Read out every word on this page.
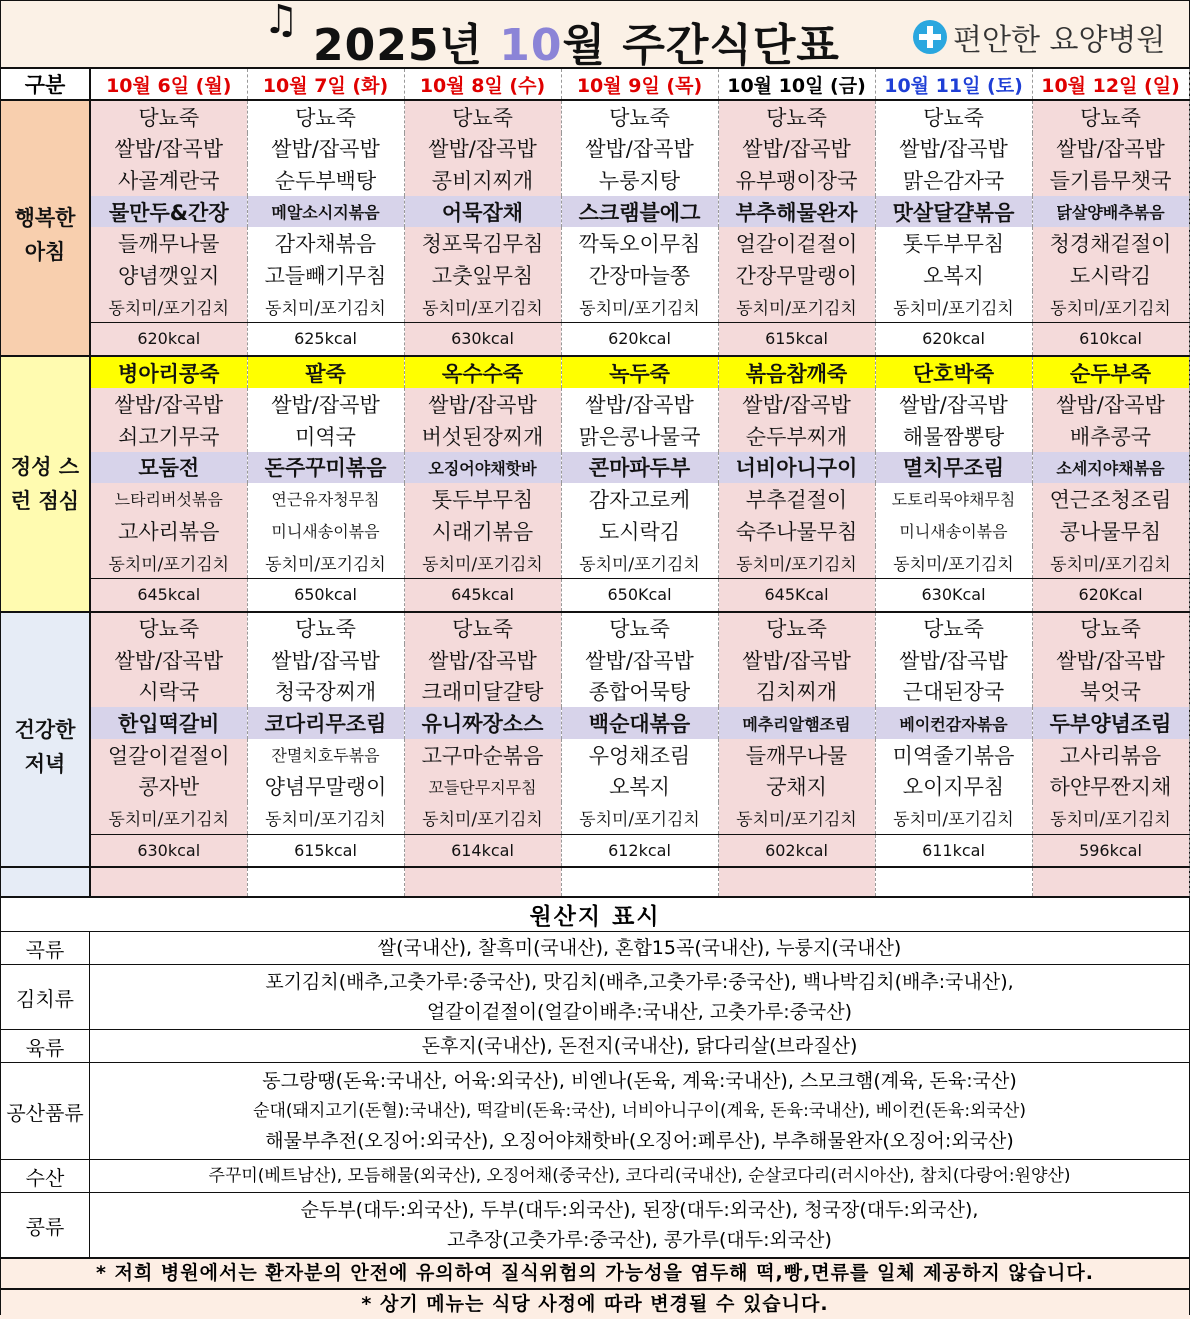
♫ 2025년 10월 주간식단표	편안한 요양병원
구분	10월 6일 (월)	10월 7일 (화)	10월 8일 (수)	10월 9일 (목)	10월 10일 (금)	10월 11일 (토)	10월 12일 (일)
행복한 아침	당뇨죽	당뇨죽	당뇨죽	당뇨죽	당뇨죽	당뇨죽	당뇨죽
	쌀밥/잡곡밥	쌀밥/잡곡밥	쌀밥/잡곡밥	쌀밥/잡곡밥	쌀밥/잡곡밥	쌀밥/잡곡밥	쌀밥/잡곡밥
	사골계란국	순두부백탕	콩비지찌개	누룽지탕	유부팽이장국	맑은감자국	들기름무챗국
	물만두&간장	메알소시지볶음	어묵잡채	스크램블에그	부추해물완자	맛살달걀볶음	닭살양배추볶음
	들깨무나물	감자채볶음	청포묵김무침	깍둑오이무침	얼갈이겉절이	톳두부무침	청경채겉절이
	양념깻잎지	고들빼기무침	고춧잎무침	간장마늘쫑	간장무말랭이	오복지	도시락김
	동치미/포기김치	동치미/포기김치	동치미/포기김치	동치미/포기김치	동치미/포기김치	동치미/포기김치	동치미/포기김치
	620kcal	625kcal	630kcal	620kcal	615kcal	620kcal	610kcal
정성 스런 점심	병아리콩죽	팥죽	옥수수죽	녹두죽	볶음참깨죽	단호박죽	순두부죽
	쌀밥/잡곡밥	쌀밥/잡곡밥	쌀밥/잡곡밥	쌀밥/잡곡밥	쌀밥/잡곡밥	쌀밥/잡곡밥	쌀밥/잡곡밥
	쇠고기무국	미역국	버섯된장찌개	맑은콩나물국	순두부찌개	해물짬뽕탕	배추콩국
	모둠전	돈주꾸미볶음	오징어야채핫바	콘마파두부	너비아니구이	멸치무조림	소세지야채볶음
	느타리버섯볶음	연근유자청무침	톳두부무침	감자고로케	부추겉절이	도토리묵야채무침	연근조청조림
	고사리볶음	미니새송이볶음	시래기볶음	도시락김	숙주나물무침	미니새송이볶음	콩나물무침
	동치미/포기김치	동치미/포기김치	동치미/포기김치	동치미/포기김치	동치미/포기김치	동치미/포기김치	동치미/포기김치
	645kcal	650kcal	645kcal	650Kcal	645Kcal	630Kcal	620Kcal
건강한 저녁	당뇨죽	당뇨죽	당뇨죽	당뇨죽	당뇨죽	당뇨죽	당뇨죽
	쌀밥/잡곡밥	쌀밥/잡곡밥	쌀밥/잡곡밥	쌀밥/잡곡밥	쌀밥/잡곡밥	쌀밥/잡곡밥	쌀밥/잡곡밥
	시락국	청국장찌개	크래미달걀탕	종합어묵탕	김치찌개	근대된장국	북엇국
	한입떡갈비	코다리무조림	유니짜장소스	백순대볶음	메추리알햄조림	베이컨감자볶음	두부양념조림
	얼갈이겉절이	잔멸치호두볶음	고구마순볶음	우엉채조림	들깨무나물	미역줄기볶음	고사리볶음
	콩자반	양념무말랭이	꼬들단무지무침	오복지	궁채지	오이지무침	하얀무짠지채
	동치미/포기김치	동치미/포기김치	동치미/포기김치	동치미/포기김치	동치미/포기김치	동치미/포기김치	동치미/포기김치
	630kcal	615kcal	614kcal	612kcal	602kcal	611kcal	596kcal

원산지 표시	
곡류	쌀(국내산), 찰흑미(국내산), 혼합15곡(국내산), 누룽지(국내산)

김치류	포기김치(배추,고춧가루:중국산), 맛김치(배추,고춧가루:중국산), 백나박김치(배추:국내산),
얼갈이겉절이(얼갈이배추:국내산, 고춧가루:중국산)

육류	돈후지(국내산), 돈전지(국내산), 닭다리살(브라질산)

공산품류	동그랑땡(돈육:국내산, 어육:외국산), 비엔나(돈육, 계육:국내산), 스모크햄(계육, 돈육:국산)
순대(돼지고기(돈혈):국내산), 떡갈비(돈육:국산), 너비아니구이(계육, 돈육:국내산), 베이컨(돈육:외국산)
해물부추전(오징어:외국산), 오징어야채핫바(오징어:페루산), 부추해물완자(오징어:외국산)

수산	주꾸미(베트남산), 모듬해물(외국산), 오징어채(중국산), 코다리(국내산), 순살코다리(러시아산), 참치(다랑어:원양산)

콩류	순두부(대두:외국산), 두부(대두:외국산), 된장(대두:외국산), 청국장(대두:외국산),
고추장(고춧가루:중국산), 콩가루(대두:외국산)
* 저희 병원에서는 환자분의 안전에 유의하여 질식위험의 가능성을 염두해 떡,빵,면류를 일체 제공하지 않습니다.
* 상기 메뉴는 식당 사정에 따라 변경될 수 있습니다.
